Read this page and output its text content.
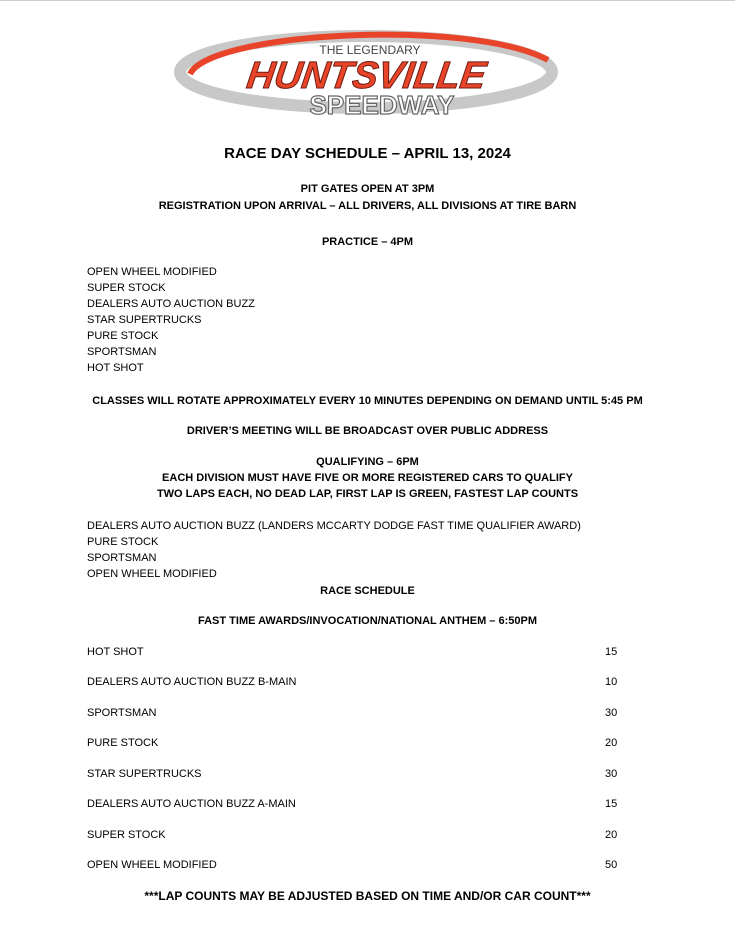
THE LEGENDARY
HUNTSVILLE
SPEEDWAY
RACE DAY SCHEDULE – APRIL 13, 2024
PIT GATES OPEN AT 3PM
REGISTRATION UPON ARRIVAL – ALL DRIVERS, ALL DIVISIONS AT TIRE BARN
PRACTICE – 4PM
OPEN WHEEL MODIFIED
SUPER STOCK
DEALERS AUTO AUCTION BUZZ
STAR SUPERTRUCKS
PURE STOCK
SPORTSMAN
HOT SHOT
CLASSES WILL ROTATE APPROXIMATELY EVERY 10 MINUTES DEPENDING ON DEMAND UNTIL 5:45 PM
DRIVER’S MEETING WILL BE BROADCAST OVER PUBLIC ADDRESS
QUALIFYING – 6PM
EACH DIVISION MUST HAVE FIVE OR MORE REGISTERED CARS TO QUALIFY
TWO LAPS EACH, NO DEAD LAP, FIRST LAP IS GREEN, FASTEST LAP COUNTS
DEALERS AUTO AUCTION BUZZ (LANDERS MCCARTY DODGE FAST TIME QUALIFIER AWARD)
PURE STOCK
SPORTSMAN
OPEN WHEEL MODIFIED
RACE SCHEDULE
FAST TIME AWARDS/INVOCATION/NATIONAL ANTHEM – 6:50PM
HOT SHOT	15
DEALERS AUTO AUCTION BUZZ B-MAIN	10
SPORTSMAN	30
PURE STOCK	20
STAR SUPERTRUCKS	30
DEALERS AUTO AUCTION BUZZ A-MAIN	15
SUPER STOCK	20
OPEN WHEEL MODIFIED	50
***LAP COUNTS MAY BE ADJUSTED BASED ON TIME AND/OR CAR COUNT***
